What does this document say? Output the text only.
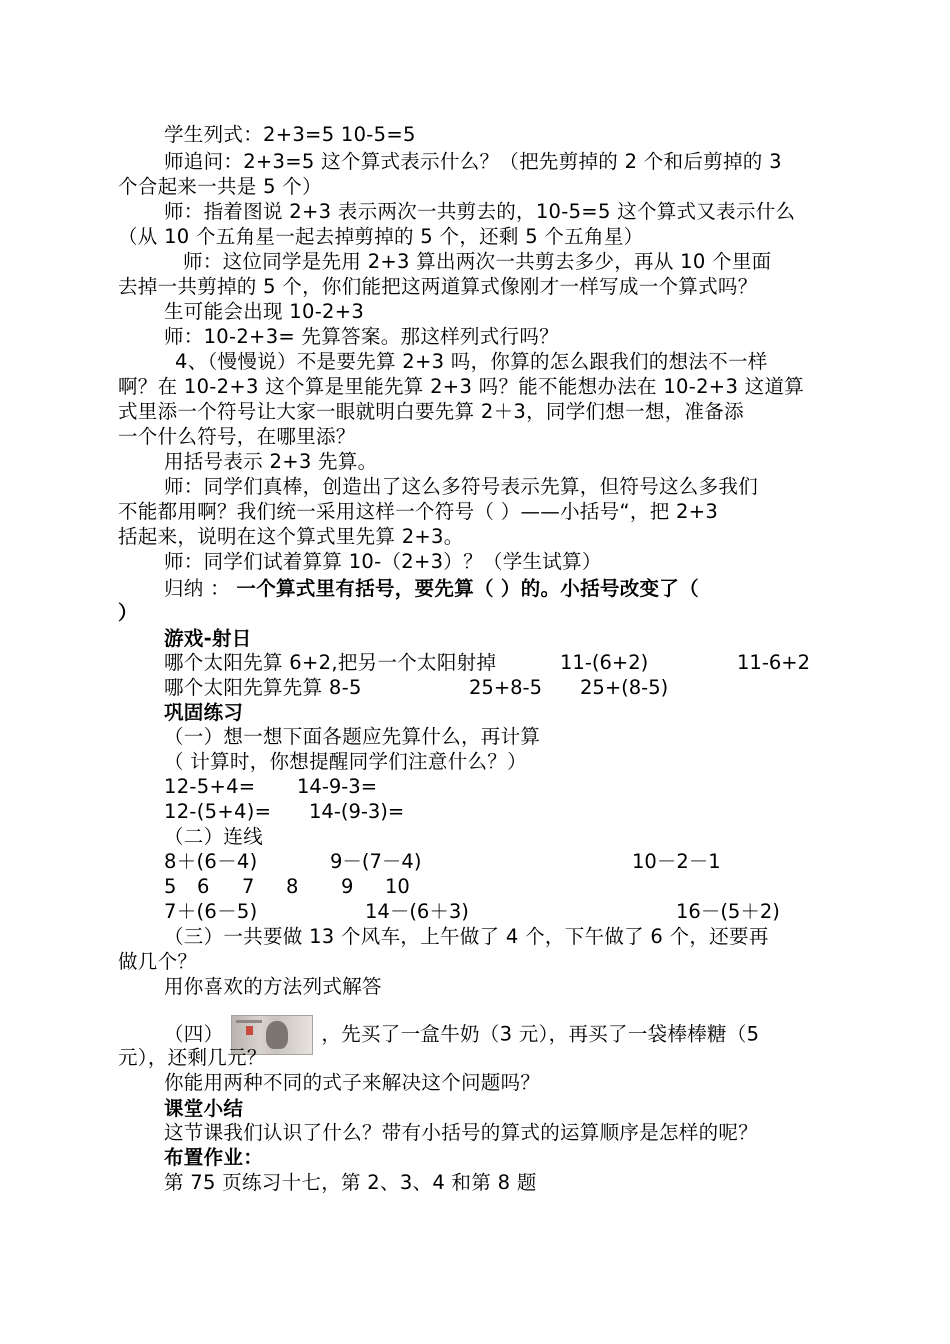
学生列式：2+3=5 10-5=5
师追问：2+3=5 这个算式表示什么？（把先剪掉的 2 个和后剪掉的 3
个合起来一共是 5 个）
师：指着图说 2+3 表示两次一共剪去的，10-5=5 这个算式又表示什么
（从 10 个五角星一起去掉剪掉的 5 个，还剩 5 个五角星）
师：这位同学是先用 2+3 算出两次一共剪去多少，再从 10 个里面
去掉一共剪掉的 5 个，你们能把这两道算式像刚才一样写成一个算式吗？
生可能会出现 10-2+3
师：10-2+3= 先算答案。那这样列式行吗？
4、（慢慢说）不是要先算 2+3 吗，你算的怎么跟我们的想法不一样
啊？在 10-2+3 这个算是里能先算 2+3 吗？能不能想办法在 10-2+3 这道算
式里添一个符号让大家一眼就明白要先算 2＋3，同学们想一想，准备添
一个什么符号，在哪里添？
用括号表示 2+3 先算。
师：同学们真棒，创造出了这么多符号表示先算，但符号这么多我们
不能都用啊？我们统一采用这样一个符号（ ）——小括号“，把 2+3
括起来，说明在这个算式里先算 2+3。
师：同学们试着算算 10-（2+3）？（学生试算）
归纳 ： 一个算式里有括号，要先算（ ）的。小括号改变了（
）
游戏-射日
哪个太阳先算 6+2,把另一个太阳射掉	11-(6+2)	11-6+2
哪个太阳先算先算 8-5	25+8-5 25+(8-5)
巩固练习
（一）想一想下面各题应先算什么，再计算
（ 计算时，你想提醒同学们注意什么？）
12-5+4= 14-9-3=
12-(5+4)= 14-(9-3)=
（二）连线
8＋(6－4)	9－(7－4)	10－2－1
5 6 7 8 9 10
7＋(6－5)	14－(6＋3)	16－(5＋2)
（三）一共要做 13 个风车，上午做了 4 个，下午做了 6 个，还要再
做几个？
用你喜欢的方法列式解答
（四）	，先买了一盒牛奶（3 元），再买了一袋棒棒糖（5
元），还剩几元？
你能用两种不同的式子来解决这个问题吗？
课堂小结
这节课我们认识了什么？带有小括号的算式的运算顺序是怎样的呢？
布置作业：
第 75 页练习十七，第 2、3、4 和第 8 题
